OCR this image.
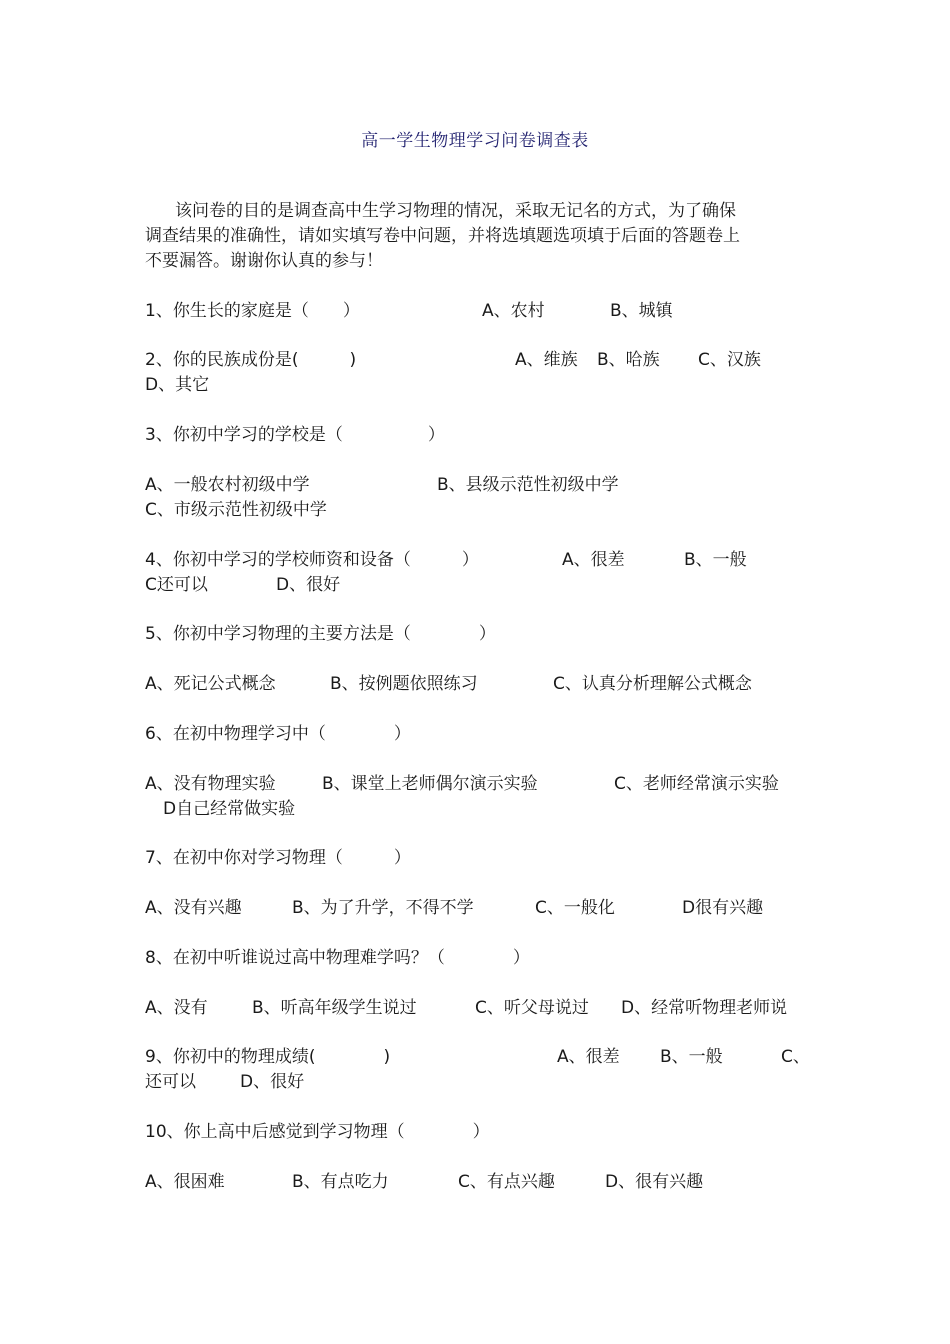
高一学生物理学习问卷调查表
该问卷的目的是调查高中生学习物理的情况，采取无记名的方式，为了确保
调查结果的准确性，请如实填写卷中问题，并将选填题选项填于后面的答题卷上
不要漏答。谢谢你认真的参与！
1、你生长的家庭是（　　）	A、农村	B、城镇
2、你的民族成份是(　　　)	A、维族 B、哈族 C、汉族
D、其它
3、你初中学习的学校是（　　　　　）
A、一般农村初级中学	B、县级示范性初级中学
C、市级示范性初级中学
4、你初中学习的学校师资和设备（　　　）	A、很差	B、一般
C还可以	D、很好
5、你初中学习物理的主要方法是（　　　　）
A、死记公式概念	B、按例题依照练习	C、认真分析理解公式概念
6、在初中物理学习中（　　　　）
A、没有物理实验	B、课堂上老师偶尔演示实验	C、老师经常演示实验
D自己经常做实验
7、在初中你对学习物理（　　　）
A、没有兴趣	B、为了升学，不得不学	C、一般化	D很有兴趣
8、在初中听谁说过高中物理难学吗？（　　　　）
A、没有	B、听高年级学生说过	C、听父母说过 D、经常听物理老师说
9、你初中的物理成绩(　　　　)	A、很差 B、一般	C、
还可以	D、很好
10、你上高中后感觉到学习物理（　　　　）
A、很困难	B、有点吃力	C、有点兴趣	D、很有兴趣
